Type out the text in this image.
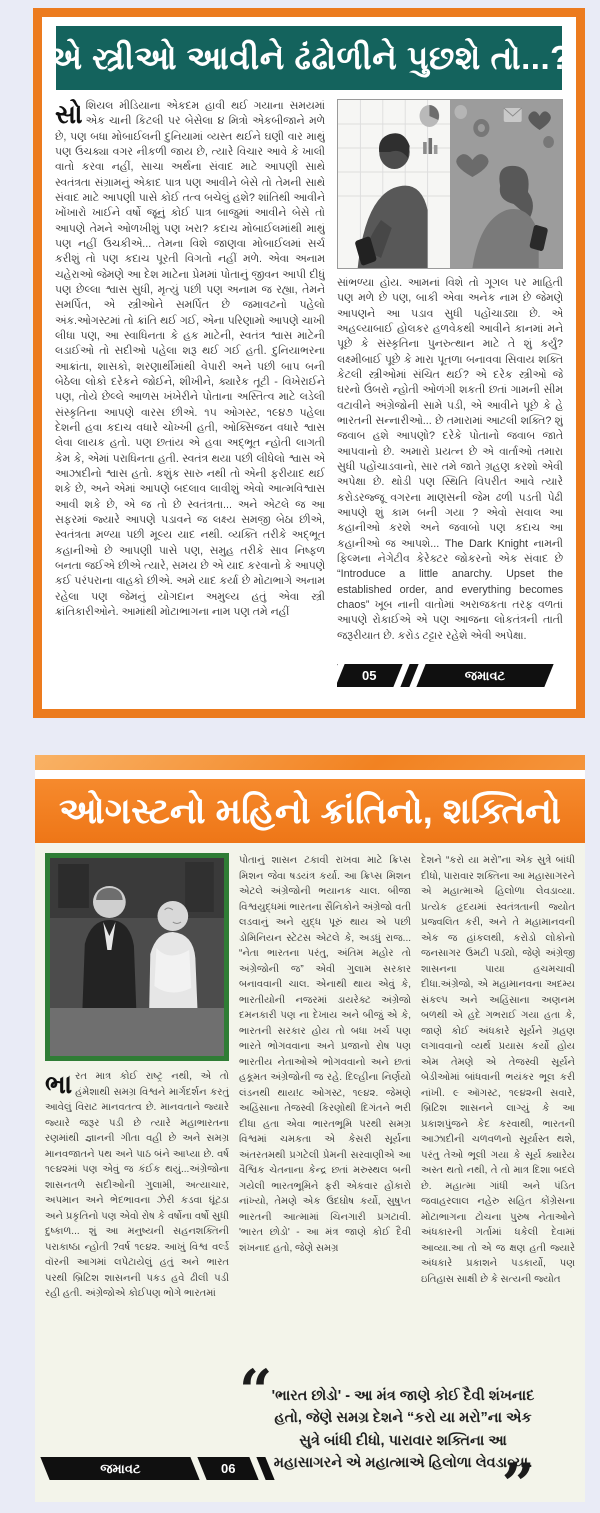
એ સ્ત્રીઓ આવીને ઢંઢોળીને પુછશે તો...?
સોશિયલ મીડિયાના એકદમ હાવી થઈ ગયાના સમયમાં એક ચાની કિટલી પર બેસેલા ૪ મિત્રો એકબીજાને મળે છે, પણ બધા મોબાઈલની દુનિયામાં વ્યસ્ત થઈને ઘણી વાર માથું પણ ઉચક્યા વગર નીકળી જાય છે, ત્યારે વિચાર આવે કે ખાલી વાતો કરવા નહીં, સાચા અર્થના સંવાદ માટે આપણી સાથે સ્વતંત્રતા સંગ્રામનું એકાદ પાત્ર પણ આવીને બેસે તો તેમની સાથે સંવાદ માટે આપણી પાસે કોઈ તત્વ બચેલું હશે? શાંતિથી આવીને ખોંખારો ખાઈને વર્ષો જૂનું કોઈ પાત્ર બાજુમાં આવીને બેસે તો આપણે તેમને ઓળખીશું પણ ખરા? કદાચ મોબાઈલમાંથી માથું પણ નહીં ઉચકીએ... તેમના વિશે જાણવા મોબાઈલમાં સર્ચ કરીશું તો પણ કદાચ પૂરતી વિગતો નહીં મળે. એવા અનામ ચહેરાઓ જેમણે આ દેશ માટેના પ્રેમમાં પોતાનું જીવન આપી દીધું પણ છેલ્લા શ્વાસ સુધી, મૃત્યું પછી પણ અનામ જ રહ્યા, તેમને સમર્પિત, એ સ્ત્રીઓને સમર્પિત છે જમાવટનો પહેલો અંક.ઓગસ્ટમાં તો ક્રાંતિ થઈ ગઈ, એના પરિણામો આપણે ચાખી લીધા પણ, આ સ્વાધિનતા કે હક માટેની, સ્વતંત્ર શ્વાસ માટેની લડાઈઓ તો સદીઓ પહેલા શરૂ થઈ ગઈ હતી. દુનિયાભરના આક્રાંતા, શાસકો, શરણાર્થીમાંથી વેપારી અને પછી બાપ બની બેઠેલા લોકો દરેકને જોઈને, શીખીને, ક્યારેક તૂટી - વિખેરાઈને પણ, તોયે છેલ્લે આળસ ખંખેરીને પોતાના અસ્તિત્વ માટે લડેલી સંસ્કૃતિના આપણે વારસ છીએ. ૧૫ ઓગસ્ટ, ૧૯૪૭ પહેલા દેશની હવા કદાચ વધારે ચોખ્ખી હતી, ઓક્સિજન વધારે શ્વાસ લેવા લાયક હતો. પણ છતાંય એ હવા અદ્ભૂત ન્હોતી લાગતી કેમ કે, એમાં પરાધિનતા હતી. સ્વતંત્ર થયા પછી લીધેલો શ્વાસ એ આઝાદીનો શ્વાસ હતો. કશુંક સારુ નથી તો એની ફરીયાદ થઈ શકે છે, અને એમાં આપણે બદલાવ લાવીશું એવો આત્મવિશ્વાસ આવી શકે છે, એ જ તો છે સ્વતંત્રતા... અને એટલે જ આ સફરમાં જ્યારે આપણે પડાવને જ લક્ષ્ય સમજી બેઠા છીએ, સ્વતંત્રતા મળ્યા પછી મૂલ્ય યાદ નથી. વ્યક્તિ તરીકે અદ્ભૂત કહાનીઓ છે આપણી પાસે પણ, સમુહ તરીકે સાવ નિષ્ફળ બનતા જઈએ છીએ ત્યારે, સમય છે એ યાદ કરવાનો કે આપણે કઈ પરંપરાના વાહકો છીએ. અમે યાદ કર્યા છે મોટાભાગે અનામ રહેલા પણ જેમનું યોગદાન અમુલ્ય હતું એવા સ્ત્રી ક્રાંતિકારીઓને. આમાંથી મોટાભાગના નામ પણ તમે નહીં
સાંભળ્યા હોય. આમનાં વિશે તો ગૂગલ પર માહિતી પણ મળે છે પણ, બાકી એવા અનેક નામ છે જેમણે આપણને આ પડાવ સુધી પહોંચાડ્યા છે. એ અહલ્યાબાઈ હોલકર હળવેકથી આવીને કાનમાં મને પૂછે કે સંસ્કૃતિના પુનરુત્થાન માટે તે શું કર્યું? લક્ષ્મીબાઈ પૂછે કે મારા પૂતળા બનાવવા સિવાય શક્તિ કેટલી સ્ત્રીઓમાં સંચિત થઈ? એ દરેક સ્ત્રીઓ જે ઘરનો ઉંબરો ન્હોતી ઓળંગી શકતી છતાં ગામની સીમ વટાવીને અંગ્રેજોની સામે પડી, એ આવીને પૂછે કે હે ભારતની સન્નારીઓ... છે તમારામાં આટલી શક્તિ? શું જવાબ હશે આપણો? દરેકે પોતાનો જવાબ જાતે આપવાનો છે. અમારો પ્રયત્ન છે એ વાર્તાઓ તમારા સુધી પહોંચાડવાનો, સાર તમે જાતે ગ્રહણ કરશો એવી અપેક્ષા છે. થોડી પણ સ્થિતિ વિપરીત આવે ત્યારે કરોડરજ્જૂ વગરના માણસની જેમ ઢળી પડતી પેઢી આપણે શું કામ બની ગયા ? એવો સવાલ આ કહાનીઓ કરશે અને જવાબો પણ કદાચ આ કહાનીઓ જ આપશે... The Dark Knight નામની ફિલ્મના નેગેટીવ કેરેક્ટર જોકરનો એક સંવાદ છે “Introduce a little anarchy. Upset the established order, and everything becomes chaos” ખૂબ નાની વાતોમાં અરાજકતા તરફ વળતાં આપણે રોકાઈએ એ પણ આજના લોકતંત્રની તાતી જરૂરીયાત છે. કરોડ ટટ્ટાર રહેશે એવી અપેક્ષા.
05	જમાવટ
ઓગસ્ટનો મહિનો ક્રાંતિનો, શક્તિનો
ભારત માત્ર કોઈ રાષ્ટ્ર નથી, એ તો હંમેશાથી સમગ્ર વિશ્વને માર્ગદર્શન કરતું આવેલું વિરાટ માનવતત્વ છે. માનવતાને જ્યારે જ્યારે જરૂર પડી છે ત્યારે મહાભારતના રણમાંથી જ્ઞાનની ગીતા વહી છે અને સમગ્ર માનવજાતને પથ અને પાઠ બંને આપ્યા છે. વર્ષ ૧૯૪૨માં પણ એવું જ કંઈક થયું...અંગ્રેજોના શાસનતળે સદીઓની ગુલામી, અત્યાચાર, અપમાન અને ભેદભાવના ઝેરી કડવા ઘૂંટડા અને પ્રકૃતિનો પણ એવો રોષ કે વર્ષોના વર્ષો સુધી દુષ્કાળ... શું આ મનુષ્યની સહનશક્તિની પરાકાષ્ઠા ન્હોતી ?વર્ષ ૧૯૪૨. આખું વિશ્વ વર્લ્ડ વૉરની આગમાં લપેટાયેલું હતું અને ભારત પરથી બ્રિટિશ શાસનની પકડ હવે ઢીલી પડી રહી હતી. અંગ્રેજોએ કોઈપણ ભોગે ભારતમાં
પોતાનું શાસન ટકાવી રાખવા માટે ક્રિપ્સ મિશન જેવા ષડયંત્ર કર્યા. આ ક્રિપ્સ મિશન એટલે અંગ્રેજોની ભયાનક ચાલ. બીજા વિશ્વયુદ્ધમાં ભારતના સૈનિકોને અંગ્રેજો વતી લડવાનું અને યુદ્ધ પૂરું થાય એ પછી ડોમિનિયન સ્ટેટસ એટલે કે, અડધું રાજ... “નેતા ભારતના પરંતુ, અંતિમ મહોર તો અંગ્રેજોની જ” એવી ગુલામ સરકાર બનાવવાની ચાલ. એનાથી થાય એવું કે, ભારતીયોની નજરમાં ડાયરેક્ટ અંગ્રેજો દમનકારી પણ ના દેખાય અને બીજું એ કે, ભારતની સરકાર હોય તો બધા ખર્ચ પણ ભારતે ભોગવવાના અને પ્રજાનો રોષ પણ ભારતીય નેતાઓએ ભોગવવાનો અને છતાં હકૂમત અંગ્રેજોની જ રહે. દિલ્હીના નિર્ણયો લંડનથી થાય!૮ ઓગસ્ટ, ૧૯૪૨. જેમણે અહિંસાના તેજસ્વી કિરણોથી દિગંતને ભરી દીધા હતા એવા ભારતભૂમિ પરથી સમગ્ર વિશ્વમાં ચમકતા એ કેસરી સૂર્યના અંતરતમથી પ્રગટેલી પ્રેમની સરવાણીએ આ વૈશ્વિક ચેતનાના કેન્દ્ર છતાં મરુસ્થલ બની ગયેલી ભારતભૂમિને ફરી એકવાર હોંકારો નાંખ્યો, તેમણે એક ઉદઘોષ કર્યો, સુષુપ્ત ભારતની આત્મામાં ચિનગારી પ્રગટાવી. 'ભારત છોડો' - આ મંત્ર જાણે કોઈ દૈવી શંખનાદ હતો, જેણે સમગ્ર
દેશને “કરો યા મરો”ના એક સુત્રે બાંધી દીધો, પારાવાર શક્તિના આ મહાસાગરને એ મહાત્માએ હિલોળા લેવડાવ્યા. પ્રત્યેક હૃદયમાં સ્વતંત્રતાની જ્યોત પ્રજ્વલિત કરી, અને તે મહામાનવની એક જ હાંકલથી, કરોડો લોકોનો જનસાગર ઉમટી પડ્યો, જેણે અંગ્રેજી શાસનના પાયા હચમચાવી દીધા.અંગ્રેજો, એ મહામાનવના અદમ્ય સંકલ્પ અને અહિંસાના અણનમ બળથી એ હદે ગભરાઈ ગયા હતા કે, જાણે કોઈ અંધકારે સૂર્યને ગ્રહણ લગાવવાનો વ્યર્થ પ્રયાસ કર્યો હોય એમ તેમણે એ તેજસ્વી સૂર્યને બેડીઓમાં બાંધવાની ભયંકર ભૂલ કરી નાંખી. ૯ ઑગસ્ટ, ૧૯૪૨ની સવારે, બ્રિટિશ શાસનને લાગ્યું કે આ પ્રકાશપુંજને કેદ કરવાથી, ભારતની આઝાદીની ચળવળનો સૂર્યાસ્ત થશે, પરંતુ તેઓ ભૂલી ગયા કે સૂર્ય ક્યારેય અસ્ત થતો નથી, તે તો માત્ર દિશા બદલે છે. મહાત્મા ગાંધી અને પંડિત જવાહરલાલ નહેરુ સહિત કોંગ્રેસના મોટાભાગના ટોચના પુરુષ નેતાઓને અંધકારની ગર્તામાં ધકેલી દેવામાં આવ્યા.આ તો એ જ ક્ષણ હતી જ્યારે અંધકારે પ્રકાશને પડકાર્યો, પણ ઇતિહાસ સાક્ષી છે કે સત્યની જ્યોત
“ 'ભારત છોડો' - આ મંત્ર જાણે કોઈ દૈવી શંખનાદ હતો, જેણે સમગ્ર દેશને “કરો યા મરો”ના એક સુત્રે બાંધી દીધો, પારાવાર શક્તિના આ મહાસાગરને એ મહાત્માએ હિલોળા લેવડાવ્યા.
”
જમાવટ	06
